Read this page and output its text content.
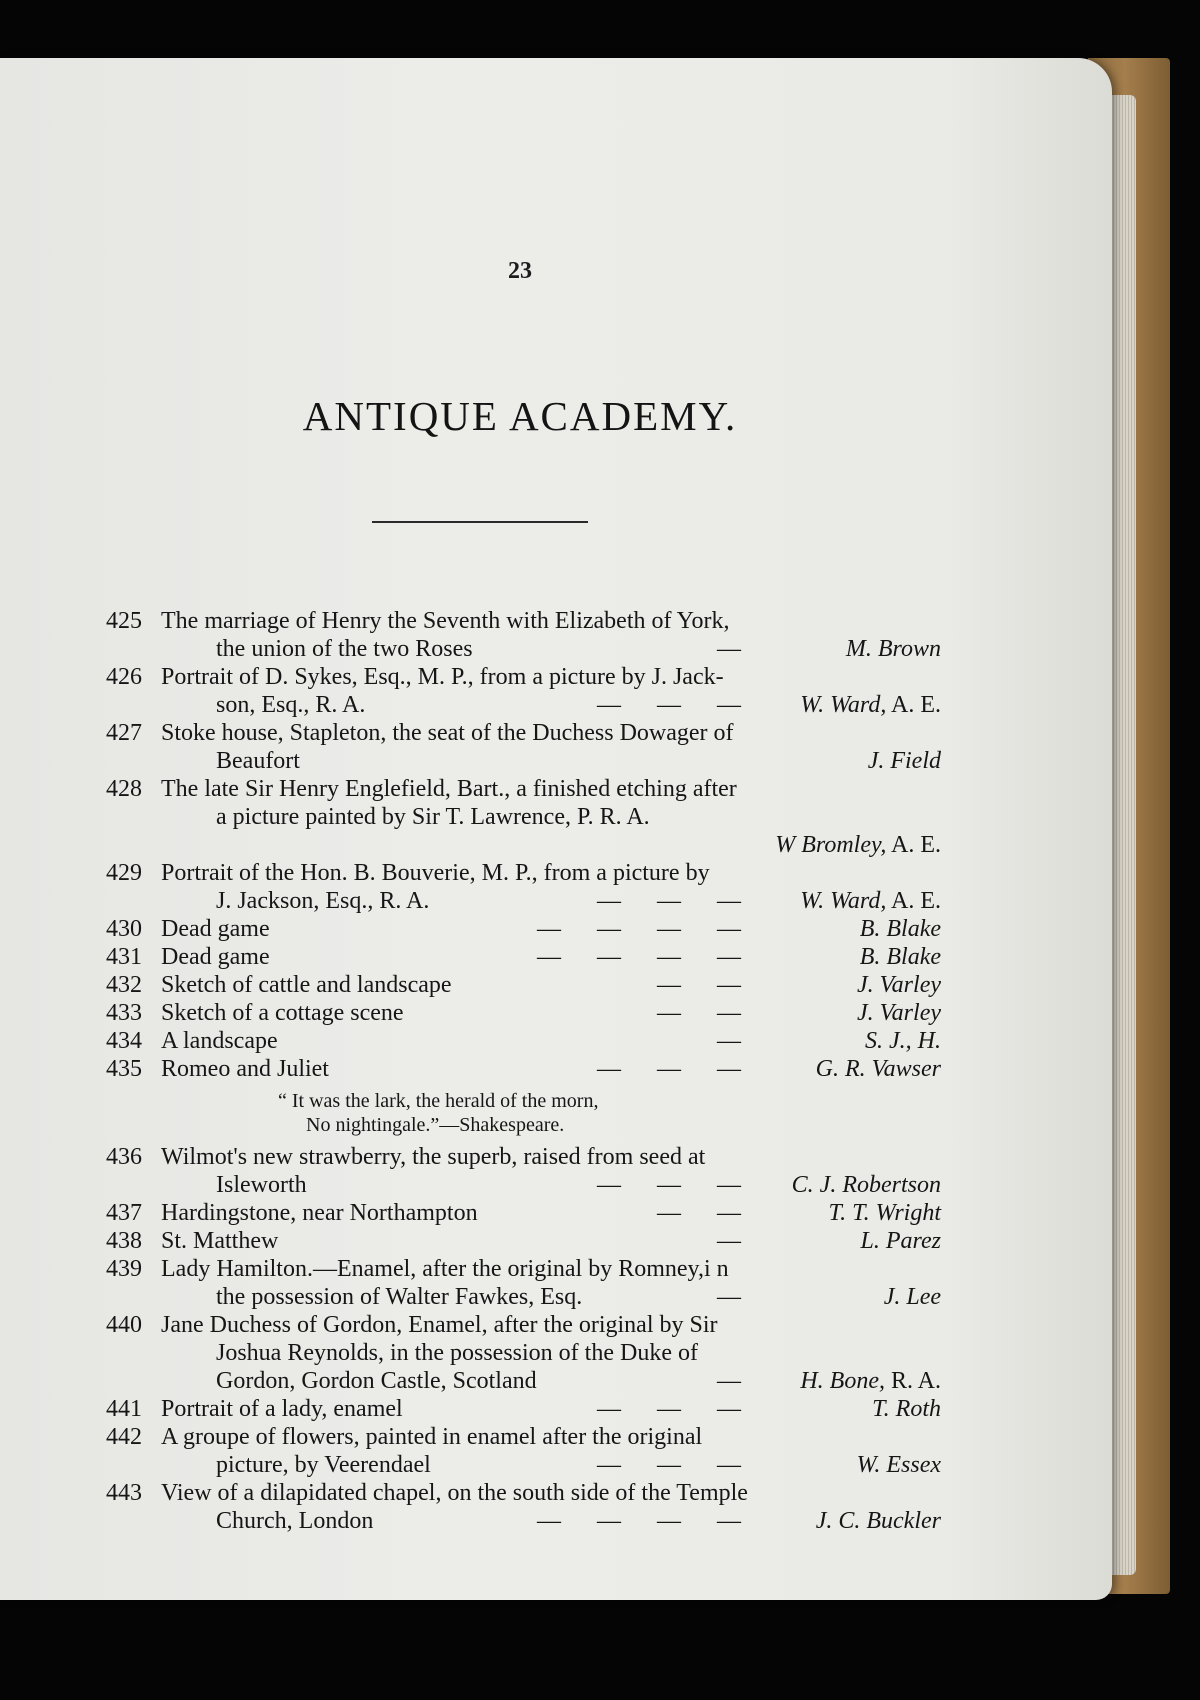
23
ANTIQUE ACADEMY.
425 The marriage of Henry the Seventh with Elizabeth of York,
the union of the two Roses	—	M. Brown
426 Portrait of D. Sykes, Esq., M. P., from a picture by J. Jack-
son, Esq., R. A.	—      —      — W. Ward, A. E.
427 Stoke house, Stapleton, the seat of the Duchess Dowager of
Beaufort	J. Field
428 The late Sir Henry Englefield, Bart., a finished etching after
a picture painted by Sir T. Lawrence, P. R. A.
W Bromley, A. E.
429 Portrait of the Hon. B. Bouverie, M. P., from a picture by
J. Jackson, Esq., R. A.	—      —      — W. Ward, A. E.
430 Dead game	—      —      —      —	B. Blake
431 Dead game	—      —      —      —	B. Blake
432 Sketch of cattle and landscape	—      —	J. Varley
433 Sketch of a cottage scene	—      —	J. Varley
434 A landscape	—	S. J., H.
435 Romeo and Juliet	—      —      —	G. R. Vawser
“ It was the lark, the herald of the morn,
No nightingale.”—Shakespeare.
436 Wilmot's new strawberry, the superb, raised from seed at
Isleworth	—      —      — C. J. Robertson
437 Hardingstone, near Northampton	—      —	T. T. Wright
438 St. Matthew	—	L. Parez
439 Lady Hamilton.—Enamel, after the original by Romney,i n
the possession of Walter Fawkes, Esq.	—	J. Lee
440 Jane Duchess of Gordon, Enamel, after the original by Sir
Joshua Reynolds, in the possession of the Duke of
Gordon, Gordon Castle, Scotland	— H. Bone, R. A.
441 Portrait of a lady, enamel	—      —      —	T. Roth
442 A groupe of flowers, painted in enamel after the original
picture, by Veerendael	—      —      —	W. Essex
443 View of a dilapidated chapel, on the south side of the Temple
Church, London	—      —      —      —	J. C. Buckler
